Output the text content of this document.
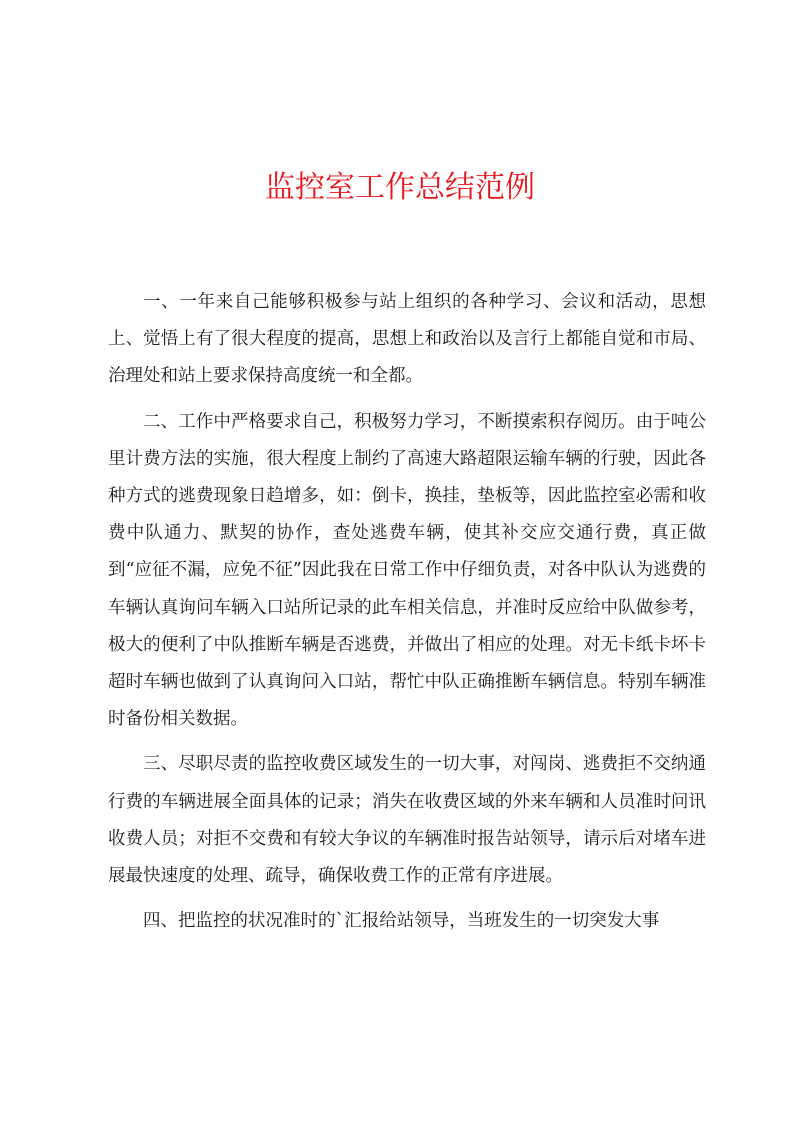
监控室工作总结范例

一、一年来自己能够积极参与站上组织的各种学习、会议和活动，思想上、觉悟上有了很大程度的提高，思想上和政治以及言行上都能自觉和市局、治理处和站上要求保持高度统一和全都。

二、工作中严格要求自己，积极努力学习，不断摸索积存阅历。由于吨公里计费方法的实施，很大程度上制约了高速大路超限运输车辆的行驶，因此各种方式的逃费现象日趋增多，如：倒卡，换挂，垫板等，因此监控室必需和收费中队通力、默契的协作，查处逃费车辆，使其补交应交通行费，真正做到“应征不漏，应免不征”因此我在日常工作中仔细负责，对各中队认为逃费的车辆认真询问车辆入口站所记录的此车相关信息，并准时反应给中队做参考，极大的便利了中队推断车辆是否逃费，并做出了相应的处理。对无卡纸卡坏卡超时车辆也做到了认真询问入口站，帮忙中队正确推断车辆信息。特别车辆准时备份相关数据。

三、尽职尽责的监控收费区域发生的一切大事，对闯岗、逃费拒不交纳通行费的车辆进展全面具体的记录；消失在收费区域的外来车辆和人员准时问讯收费人员；对拒不交费和有较大争议的车辆准时报告站领导，请示后对堵车进展最快速度的处理、疏导，确保收费工作的正常有序进展。

四、把监控的状况准时的`汇报给站领导，当班发生的一切突发大事
